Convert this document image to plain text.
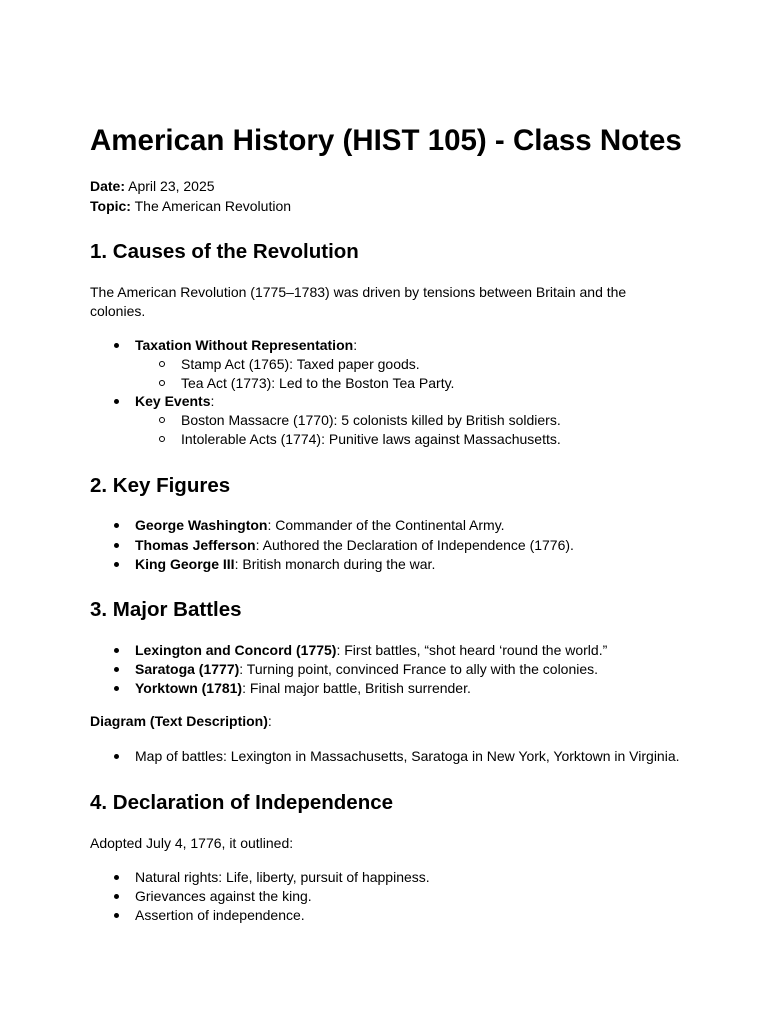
American History (HIST 105) - Class Notes
Date: April 23, 2025
Topic: The American Revolution
1. Causes of the Revolution
The American Revolution (1775–1783) was driven by tensions between Britain and the
colonies.
Taxation Without Representation:
Stamp Act (1765): Taxed paper goods.
Tea Act (1773): Led to the Boston Tea Party.
Key Events:
Boston Massacre (1770): 5 colonists killed by British soldiers.
Intolerable Acts (1774): Punitive laws against Massachusetts.
2. Key Figures
George Washington: Commander of the Continental Army.
Thomas Jefferson: Authored the Declaration of Independence (1776).
King George III: British monarch during the war.
3. Major Battles
Lexington and Concord (1775): First battles, “shot heard ‘round the world.”
Saratoga (1777): Turning point, convinced France to ally with the colonies.
Yorktown (1781): Final major battle, British surrender.
Diagram (Text Description):
Map of battles: Lexington in Massachusetts, Saratoga in New York, Yorktown in Virginia.
4. Declaration of Independence
Adopted July 4, 1776, it outlined:
Natural rights: Life, liberty, pursuit of happiness.
Grievances against the king.
Assertion of independence.
